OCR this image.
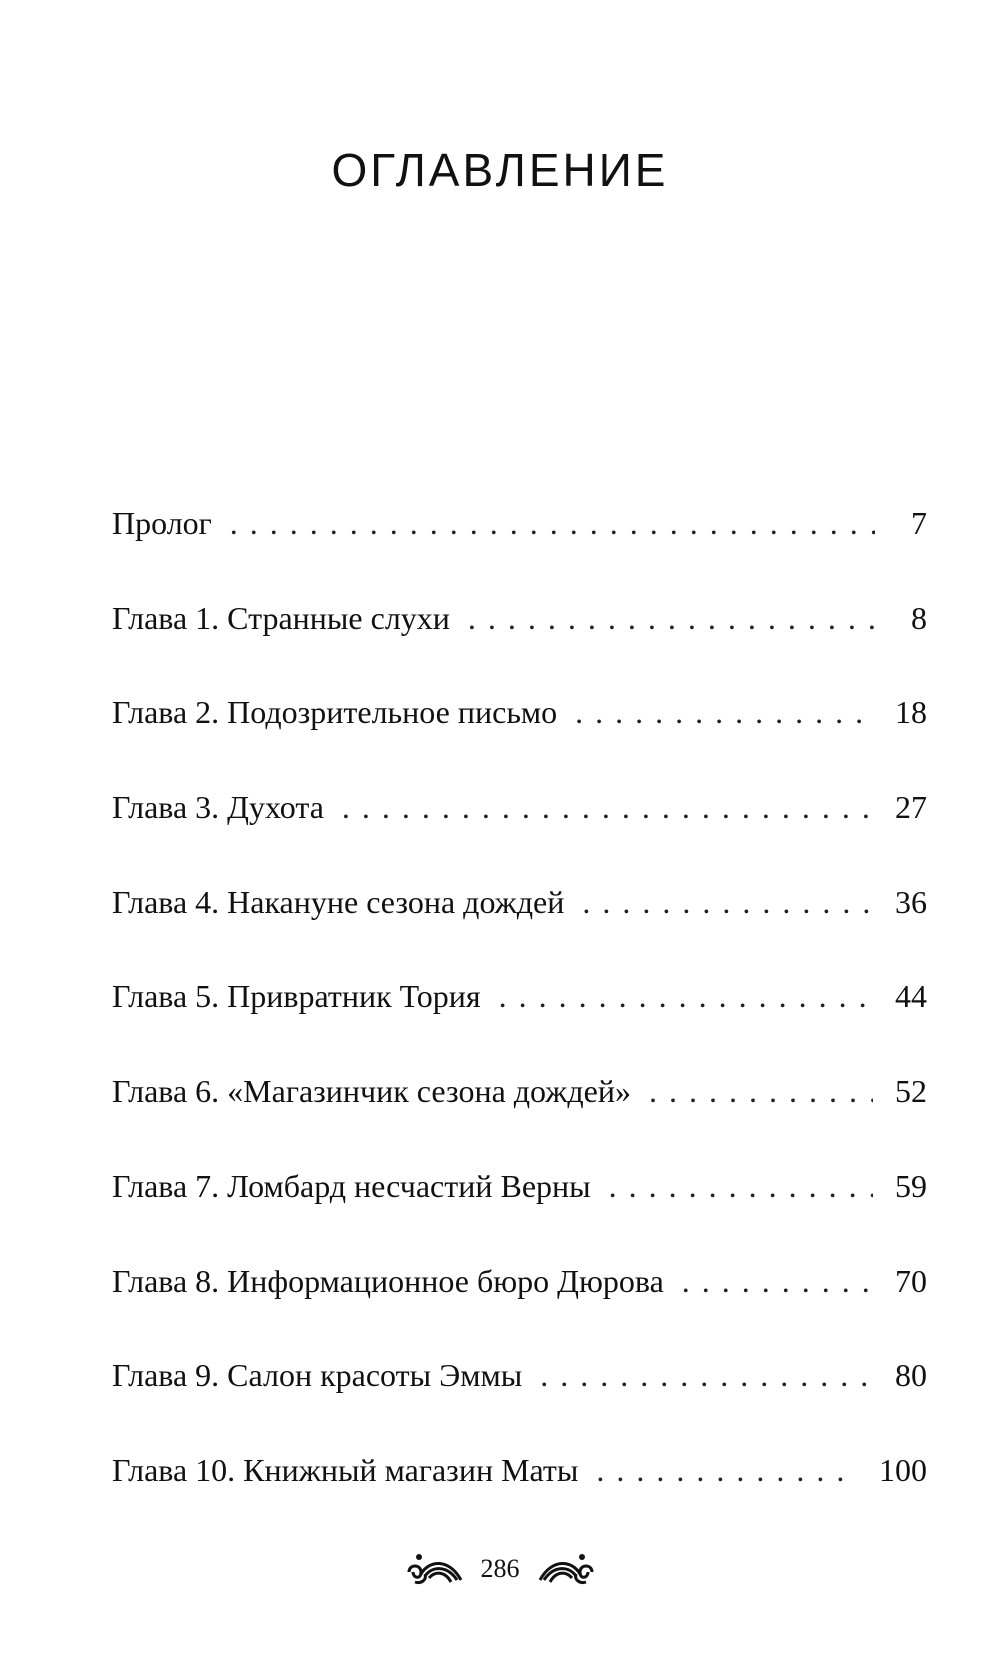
ОГЛАВЛЕНИЕ
Пролог . . .	7
Глава 1. Странные слухи . . .	8
Глава 2. Подозрительное письмо . . .	18
Глава 3. Духота . . .	27
Глава 4. Накануне сезона дождей . . .	36
Глава 5. Привратник Тория . . .	44
Глава 6. «Магазинчик сезона дождей» . . .	52
Глава 7. Ломбард несчастий Верны . . .	59
Глава 8. Информационное бюро Дюрова . . .	70
Глава 9. Салон красоты Эммы . . .	80
Глава 10. Книжный магазин Маты . . .	100
286
